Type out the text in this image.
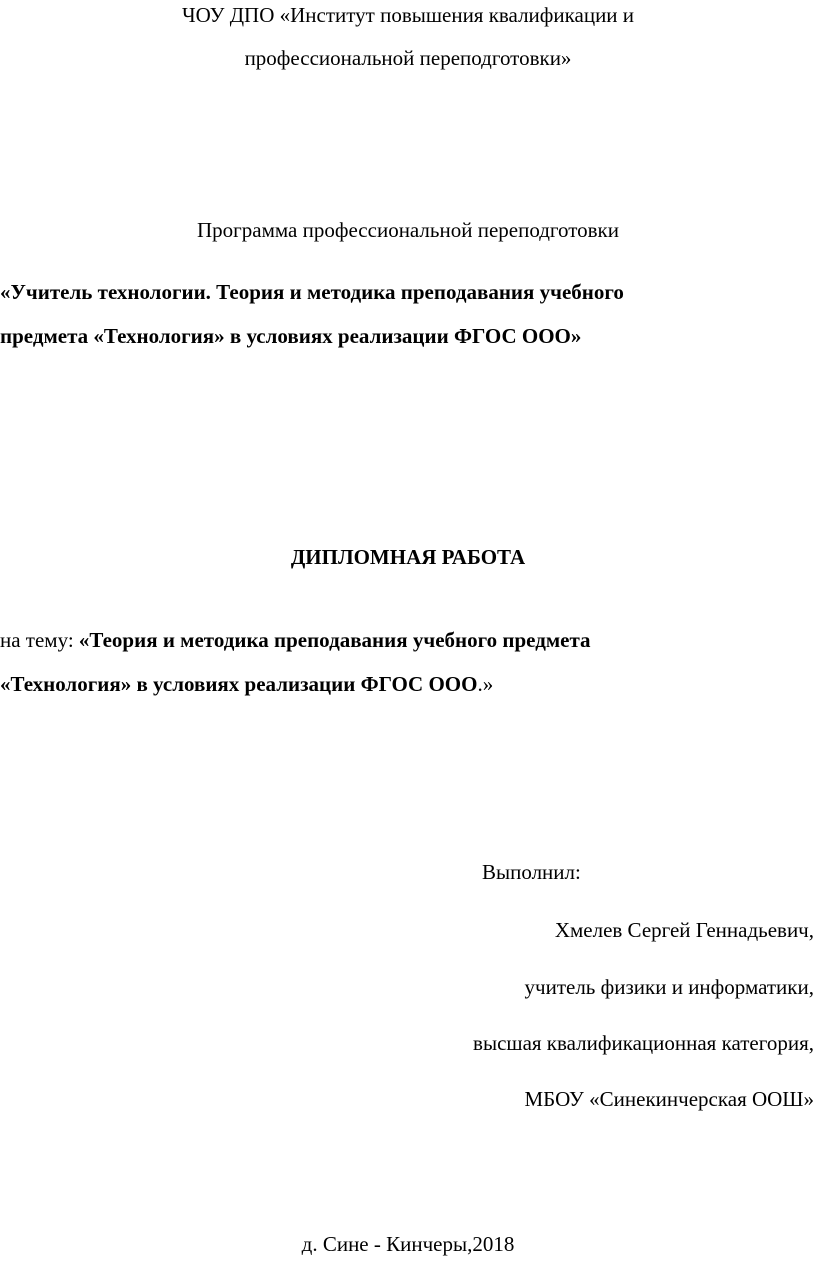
ЧОУ ДПО «Институт повышения квалификации и
профессиональной переподготовки»
Программа профессиональной переподготовки
«Учитель технологии. Теория и методика преподавания учебного
предмета «Технология» в условиях реализации ФГОС ООО»
ДИПЛОМНАЯ РАБОТА
на тему: «Теория и методика преподавания учебного предмета
«Технология» в условиях реализации ФГОС ООО.»
Выполнил:
Хмелев Сергей Геннадьевич,
учитель физики и информатики,
высшая квалификационная категория,
МБОУ «Синекинчерская ООШ»
д. Сине - Кинчеры,2018
